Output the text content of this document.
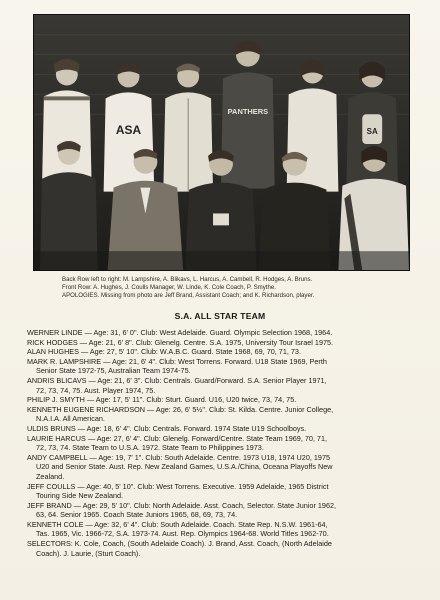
ASA
PANTHERS
SA

Back Row left to right: M. Lampshire, A. Blikavs, L. Harcus, A. Cambell, R. Hodges, A. Bruns.

Front Row: A. Hughes, J. Coulls Manager, W. Linde, K. Cole Coach, P. Smythe.

APOLOGIES. Missing from photo are Jeff Brand, Assistant Coach; and K. Richardson, player.

S.A. ALL STAR TEAM
WERNER LINDE — Age: 31, 6' 0". Club: West Adelaide. Guard. Olympic Selection 1968, 1964.
RICK HODGES — Age: 21, 6' 8". Club: Glenelg. Centre. S.A. 1975, University Tour Israel 1975.
ALAN HUGHES — Age: 27, 5' 10". Club: W.A.B.C. Guard. State 1968, 69, 70, 71, 73.
MARK R. LAMPSHIRE — Age: 21, 6' 4". Club: West Torrens. Forward. U18 State 1969, Perth
Senior State 1972-75, Australian Team 1974-75.
ANDRIS BLICAVS — Age: 21, 6' 3". Club: Centrals. Guard/Forward. S.A. Senior Player 1971,
72, 73, 74, 75. Aust. Player 1974, 75.
PHILIP J. SMYTH — Age: 17, 5' 11". Club: Sturt. Guard. U16, U20 twice, 73, 74, 75.
KENNETH EUGENE RICHARDSON — Age: 26, 6' 5½". Club: St. Kilda. Centre. Junior College,
N.A.I.A. All American.
ULDIS BRUNS — Age: 18, 6' 4". Club: Centrals. Forward. 1974 State U19 Schoolboys.
LAURIE HARCUS — Age: 27, 6' 4". Club: Glenelg. Forward/Centre. State Team 1969, 70, 71,
72, 73, 74. State Team to U.S.A. 1972. State Team to Philippines 1973.
ANDY CAMPBELL — Age: 19, 7' 1". Club: South Adelaide. Centre. 1973 U18, 1974 U20, 1975
U20 and Senior State. Aust. Rep. New Zealand Games, U.S.A./China, Oceana Playoffs New
Zealand.
JEFF COULLS — Age: 40, 5' 10". Club: West Torrens. Executive. 1959 Adelaide, 1965 District
Touring Side New Zealand.
JEFF BRAND — Age: 29, 5' 10". Club: North Adelaide. Asst. Coach, Selector. State Junior 1962,
63, 64. Senior 1965. Coach State Juniors 1965, 68, 69, 73, 74.
KENNETH COLE — Age: 32, 6' 4". Club: South Adelaide. Coach. State Rep. N.S.W. 1961-64,
Tas. 1965, Vic. 1966-72, S.A. 1973-74. Aust. Rep. Olympics 1964-68. World Titles 1962-70.
SELECTORS: K. Cole, Coach, (South Adelaide Coach). J. Brand, Asst. Coach, (North Adelaide
Coach). J. Laurie, (Sturt Coach).
